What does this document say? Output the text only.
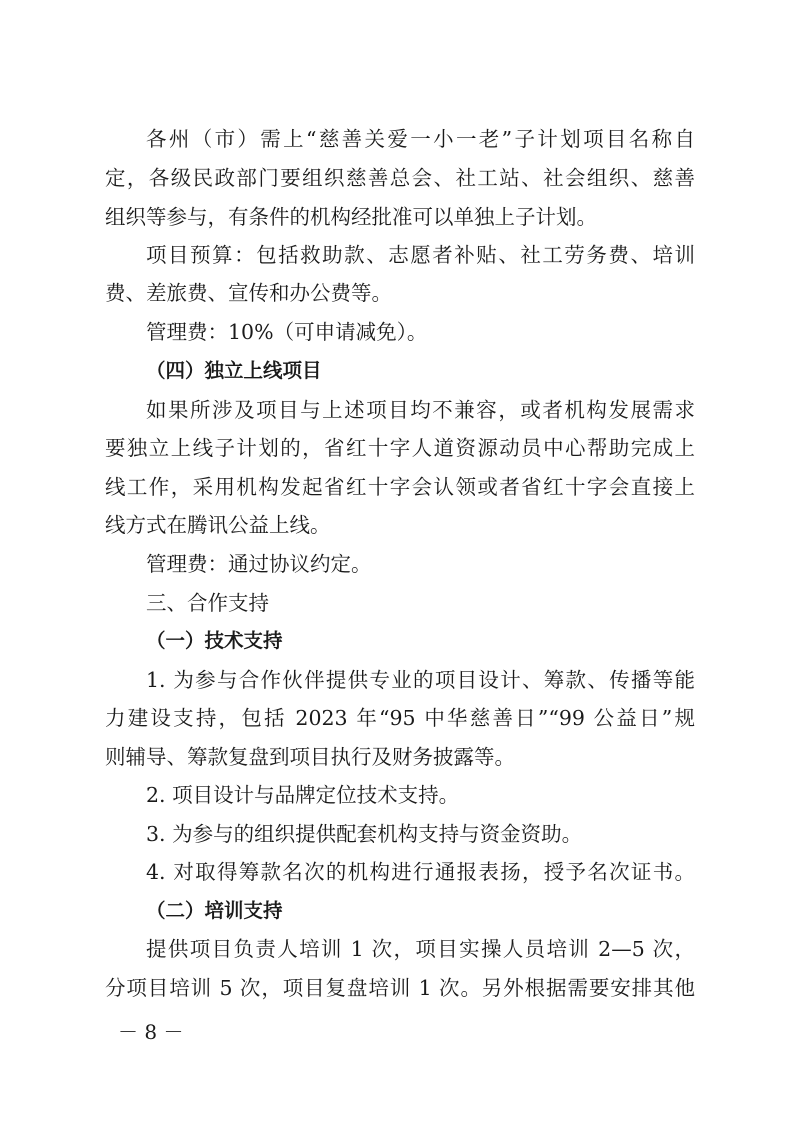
各州（市）需上“慈善关爱一小一老”子计划项目名称自
定，各级民政部门要组织慈善总会、社工站、社会组织、慈善
组织等参与，有条件的机构经批准可以单独上子计划。
项目预算：包括救助款、志愿者补贴、社工劳务费、培训
费、差旅费、宣传和办公费等。
管理费：10%（可申请减免）。
（四）独立上线项目
如果所涉及项目与上述项目均不兼容，或者机构发展需求
要独立上线子计划的，省红十字人道资源动员中心帮助完成上
线工作，采用机构发起省红十字会认领或者省红十字会直接上
线方式在腾讯公益上线。
管理费：通过协议约定。
三、合作支持
（一）技术支持
1. 为参与合作伙伴提供专业的项目设计、筹款、传播等能
力建设支持，包括 2023 年“95 中华慈善日”“99 公益日”规
则辅导、筹款复盘到项目执行及财务披露等。
2. 项目设计与品牌定位技术支持。
3. 为参与的组织提供配套机构支持与资金资助。
4. 对取得筹款名次的机构进行通报表扬，授予名次证书。
（二）培训支持
提供项目负责人培训 1 次，项目实操人员培训 2—5 次，
分项目培训 5 次，项目复盘培训 1 次。另外根据需要安排其他
－ 8 －
